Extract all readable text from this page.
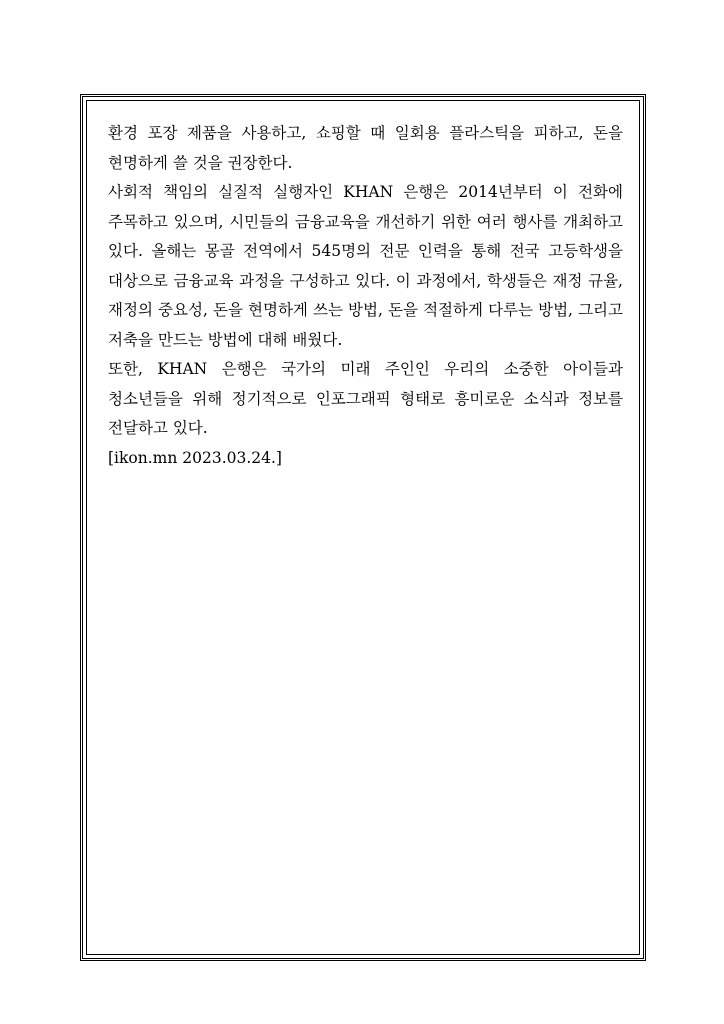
환경 포장 제품을 사용하고, 쇼핑할 때 일회용 플라스틱을 피하고, 돈을 현명하게 쓸 것을 권장한다.

사회적 책임의 실질적 실행자인 KHAN 은행은 2014년부터 이 전화에 주목하고 있으며, 시민들의 금융교육을 개선하기 위한 여러 행사를 개최하고 있다. 올해는 몽골 전역에서 545명의 전문 인력을 통해 전국 고등학생을 대상으로 금융교육 과정을 구성하고 있다. 이 과정에서, 학생들은 재정 규율, 재정의 중요성, 돈을 현명하게 쓰는 방법, 돈을 적절하게 다루는 방법, 그리고 저축을 만드는 방법에 대해 배웠다.

또한, KHAN 은행은 국가의 미래 주인인 우리의 소중한 아이들과 청소년들을 위해 정기적으로 인포그래픽 형태로 흥미로운 소식과 정보를 전달하고 있다.

[ikon.mn 2023.03.24.]
